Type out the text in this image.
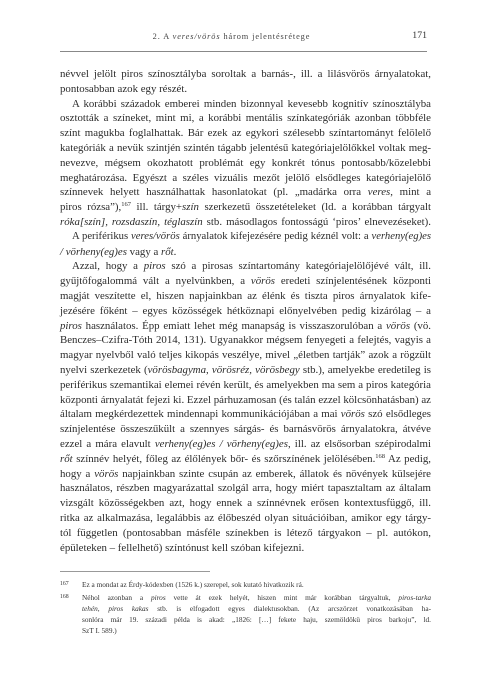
2. A veres/vörös három jelentésrétege	171
névvel jelölt piros színosztályba soroltak a barnás-, ill. a lilásvörös árnyalatokat,
pontosabban azok egy részét.
A korábbi századok emberei minden bizonnyal kevesebb kognitív színosztályba
osztották a színeket, mint mi, a korábbi mentális színkategóriák azonban többféle
színt magukba foglalhattak. Bár ezek az egykori szélesebb színtartományt felölelő
kategóriák a nevük szintjén szintén tágabb jelentésű kategóriajelölőkkel voltak meg-
nevezve, mégsem okozhatott problémát egy konkrét tónus pontosabb/közelebbi
meghatározása. Egyészt a széles vizuális mezőt jelölő elsődleges kategóriajelölő
színnevek helyett használhattak hasonlatokat (pl. „madárka orra veres, mint a
piros rózsa”),$^{167}$ ill. tárgy+szín szerkezetű összetételeket (ld. a korábban tárgyalt
róka[szín], rozsdaszín, téglaszín stb. másodlagos fontosságú ‘piros’ elnevezéseket).
A periférikus veres/vörös árnyalatok kifejezésére pedig kéznél volt: a verheny(eg)es
/ vörheny(eg)es vagy a rőt.
Azzal, hogy a piros szó a pirosas színtartomány kategóriajelölőjévé vált, ill.
gyűjtőfogalommá vált a nyelvünkben, a vörös eredeti színjelentésének központi
magját veszítette el, hiszen napjainkban az élénk és tiszta piros árnyalatok kife-
jezésére főként – egyes közösségek hétköznapi előnyelvében pedig kizárólag – a
piros használatos. Épp emiatt lehet még manapság is visszaszorulóban a vörös (vö.
Benczes–Czifra-Tóth 2014, 131). Ugyanakkor mégsem fenyegeti a felejtés, vagyis a
magyar nyelvből való teljes kikopás veszélye, mivel „életben tartják” azok a rögzült
nyelvi szerkezetek (vörösbagyma, vörösréz, vörösbegy stb.), amelyekbe eredetileg is
periférikus szemantikai elemei révén került, és amelyekben ma sem a piros kategória
központi árnyalatát fejezi ki. Ezzel párhuzamosan (és talán ezzel kölcsönhatásban) az
általam megkérdezettek mindennapi kommunikációjában a mai vörös szó elsődleges
színjelentése összeszűkült a szennyes sárgás- és barnásvörös árnyalatokra, átvéve
ezzel a mára elavult verheny(eg)es / vörheny(eg)es, ill. az elsősorban szépirodalmi
rőt színnév helyét, főleg az élőlények bőr- és szőrszínének jelölésében.$^{168}$ Az pedig,
hogy a vörös napjainkban szinte csupán az emberek, állatok és növények külsejére
használatos, részben magyarázattal szolgál arra, hogy miért tapasztaltam az általam
vizsgált közösségekben azt, hogy ennek a színnévnek erősen kontextusfüggő, ill.
ritka az alkalmazása, legalábbis az élőbeszéd olyan situációiban, amikor egy tárgy-
tól független (pontosabban másféle színekben is létező tárgyakon – pl. autókon,
épületeken – fellelhető) színtónust kell szóban kifejezni.
167 Ez a mondat az Érdy-kódexben (1526 k.) szerepel, sok kutató hivatkozik rá.
168 Néhol azonban a piros vette át ezek helyét, hiszen mint már korábban tárgyaltuk, piros-tarka
tehén, piros kakas stb. is elfogadott egyes dialektusokban. (Az arcszörzet vonatkozásában ha-
sonlóra már 19. századi példa is akad: „1826: […] fekete haju, szemöldökü piros barkoju”, ld.
SzT I. 589.)
